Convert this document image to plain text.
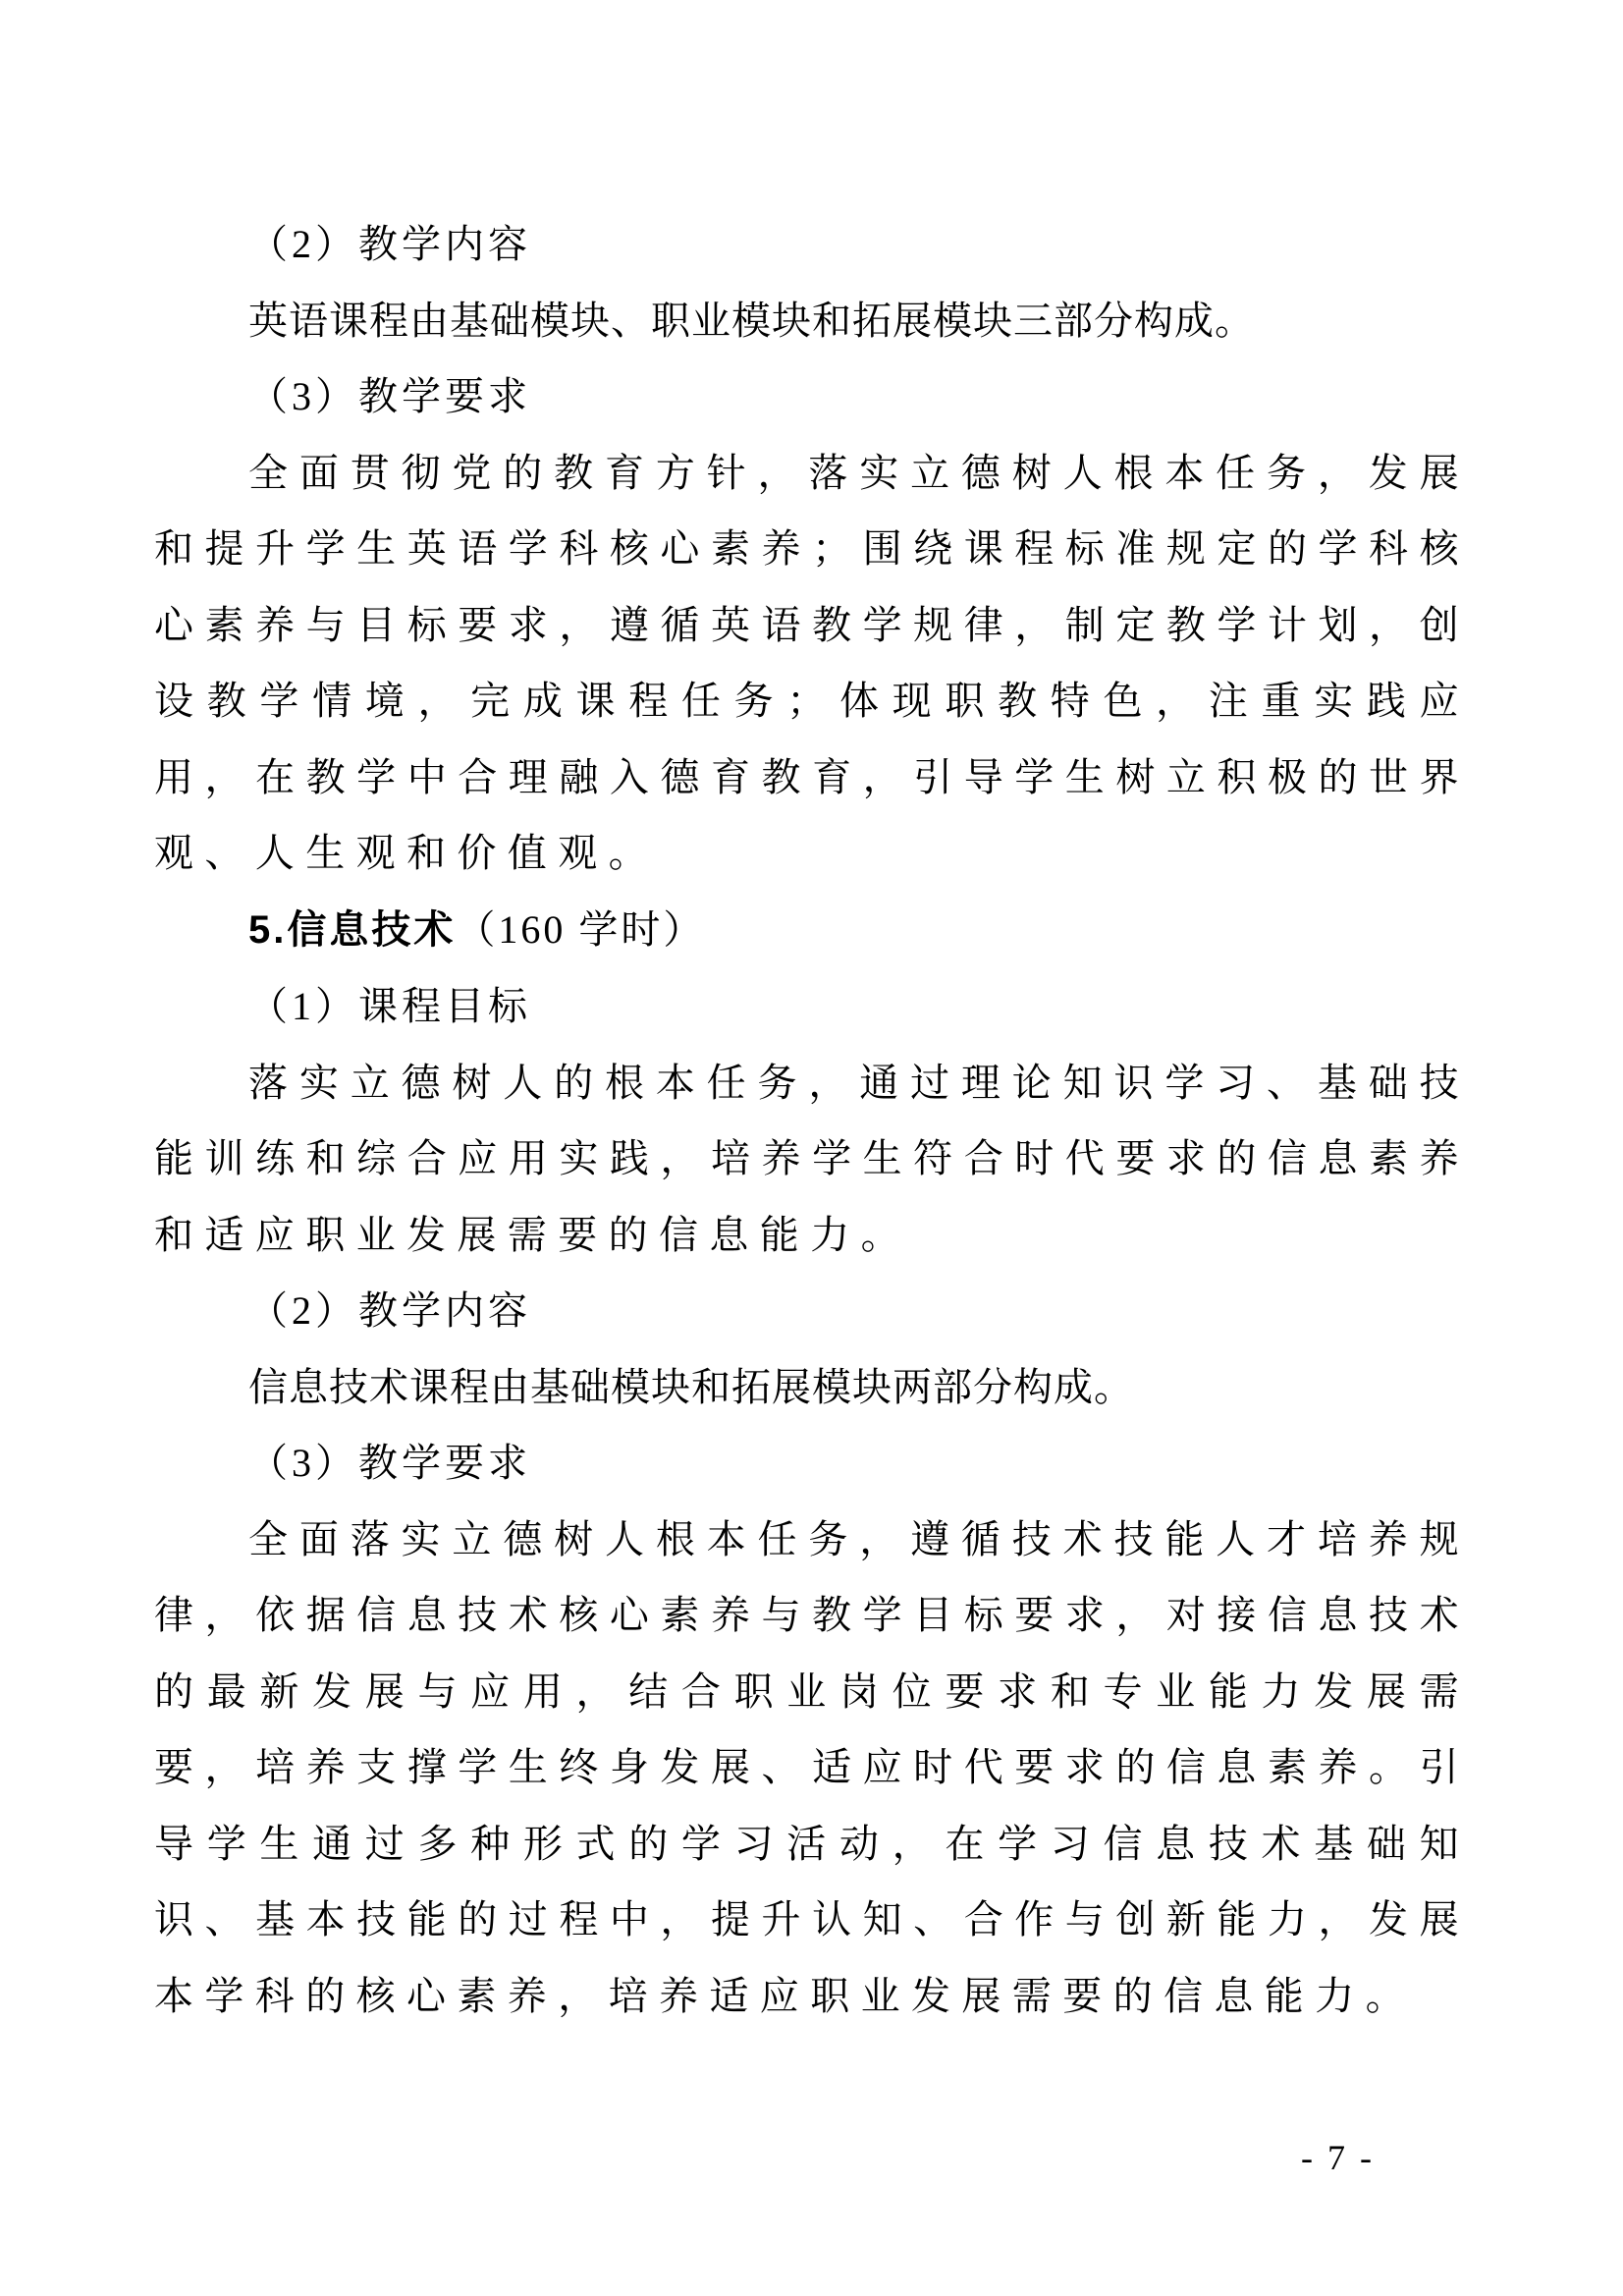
（2）教学内容

英语课程由基础模块、职业模块和拓展模块三部分构成。

（3）教学要求

全面贯彻党的教育方针，落实立德树人根本任务，发展和提升学生英语学科核心素养；围绕课程标准规定的学科核心素养与目标要求，遵循英语教学规律，制定教学计划，创设教学情境，完成课程任务；体现职教特色，注重实践应用，在教学中合理融入德育教育，引导学生树立积极的世界观、人生观和价值观。

5.信息技术（160 学时）

（1）课程目标

落实立德树人的根本任务，通过理论知识学习、基础技能训练和综合应用实践，培养学生符合时代要求的信息素养和适应职业发展需要的信息能力。

（2）教学内容

信息技术课程由基础模块和拓展模块两部分构成。

（3）教学要求

全面落实立德树人根本任务，遵循技术技能人才培养规律，依据信息技术核心素养与教学目标要求，对接信息技术的最新发展与应用，结合职业岗位要求和专业能力发展需要，培养支撑学生终身发展、适应时代要求的信息素养。引导学生通过多种形式的学习活动，在学习信息技术基础知识、基本技能的过程中，提升认知、合作与创新能力，发展本学科的核心素养，培养适应职业发展需要的信息能力。

- 7 -
